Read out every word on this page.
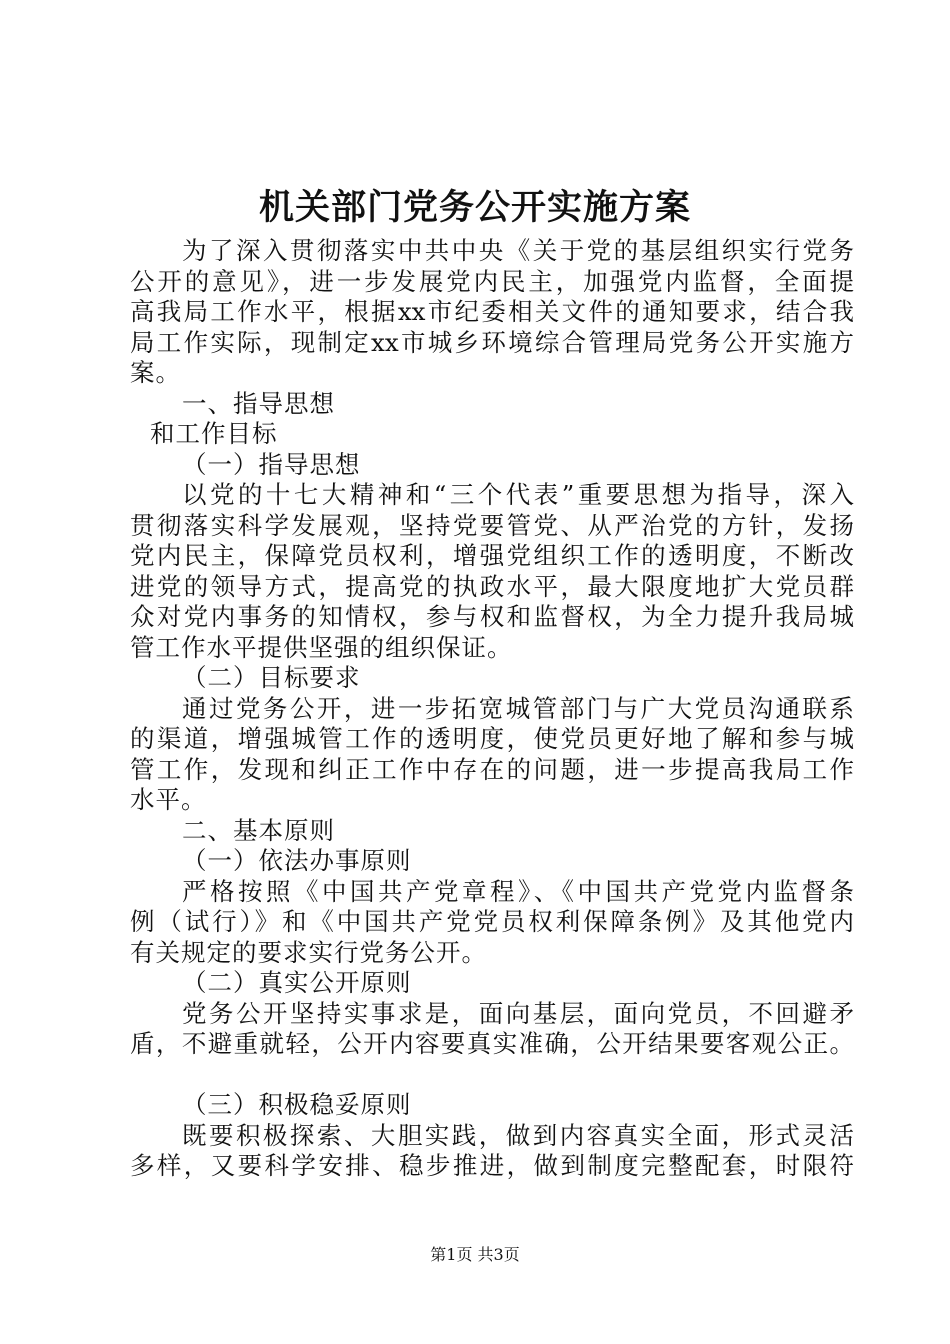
机关部门党务公开实施方案
为了深入贯彻落实中共中央《关于党的基层组织实行党务
公开的意见》，进一步发展党内民主，加强党内监督，全面提
高我局工作水平，根据xx市纪委相关文件的通知要求，结合我
局工作实际，现制定xx市城乡环境综合管理局党务公开实施方
案。
一、指导思想
和工作目标
（一）指导思想
以党的十七大精神和“三个代表”重要思想为指导，深入
贯彻落实科学发展观，坚持党要管党、从严治党的方针，发扬
党内民主，保障党员权利，增强党组织工作的透明度，不断改
进党的领导方式，提高党的执政水平，最大限度地扩大党员群
众对党内事务的知情权，参与权和监督权，为全力提升我局城
管工作水平提供坚强的组织保证。
（二）目标要求
通过党务公开，进一步拓宽城管部门与广大党员沟通联系
的渠道，增强城管工作的透明度，使党员更好地了解和参与城
管工作，发现和纠正工作中存在的问题，进一步提高我局工作
水平。
二、基本原则
（一）依法办事原则
严格按照《中国共产党章程》、《中国共产党党内监督条
例（试行）》和《中国共产党党员权利保障条例》及其他党内
有关规定的要求实行党务公开。
（二）真实公开原则
党务公开坚持实事求是，面向基层，面向党员，不回避矛
盾，不避重就轻，公开内容要真实准确，公开结果要客观公正。
（三）积极稳妥原则
既要积极探索、大胆实践，做到内容真实全面，形式灵活
多样，又要科学安排、稳步推进，做到制度完整配套，时限符
第1页 共3页
